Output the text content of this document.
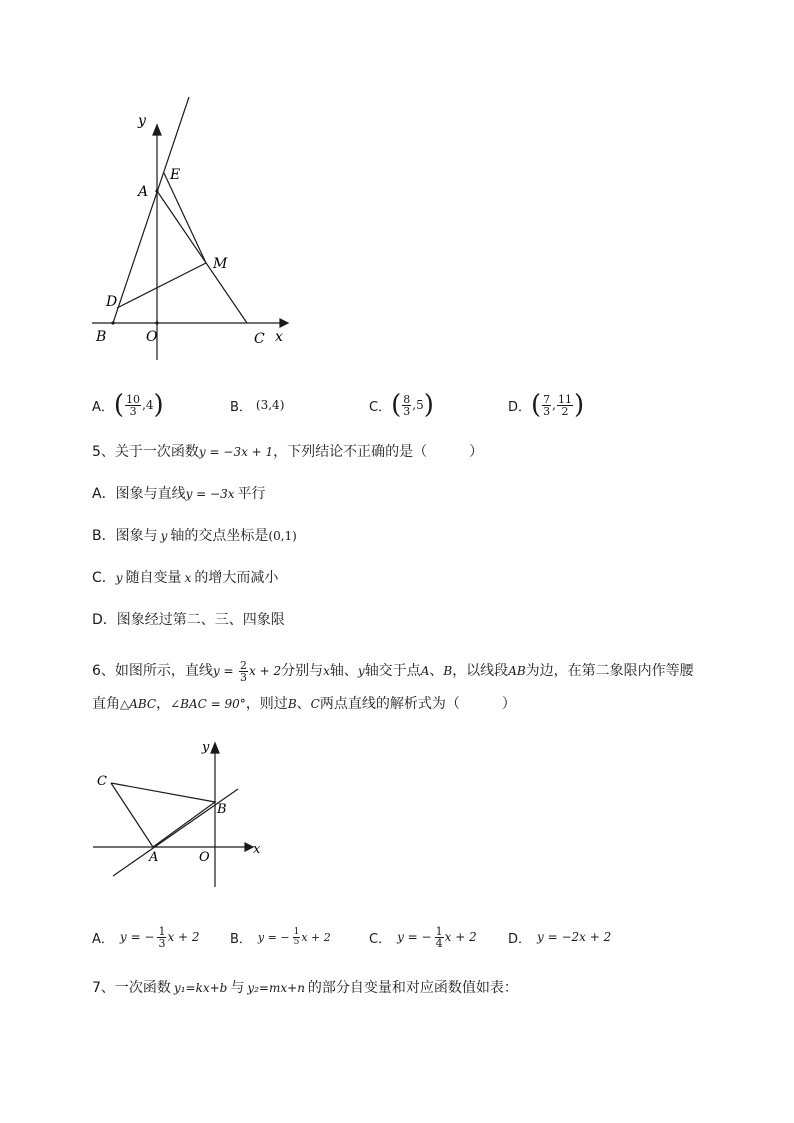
y
E
A
M
D
B	O	C x
A． ( $\frac{10}{3}$ , 4 )	B． (3,4)	C． ( $\frac{8}{3}$ , 5 )	D． ( $\frac{7}{3}$ , $\frac{11}{2}$ )
5、关于一次函数y = −3x + 1，下列结论不正确的是（　　　）
A．图象与直线y = −3x 平行
B．图象与 y 轴的交点坐标是(0,1)
C．y 随自变量 x 的增大而减小
D．图象经过第二、三、四象限
6、如图所示，直线$y = \frac{2}{3}$ x + 2分别与x轴、y轴交于点A、B，以线段AB为边，在第二象限内作等腰
直角△ABC，∠BAC = 90°，则过B、C两点直线的解析式为（　　　）
y
C
B
A	O
x
A． y = − $\frac{1}{3}$ x + 2 B． y = − $\frac{1}{5}$ x + 2	C． y = − $\frac{1}{4}$ x + 2 D． y = −2x + 2
7、一次函数 y₁=kx+b 与 y₂=mx+n 的部分自变量和对应函数值如表：
